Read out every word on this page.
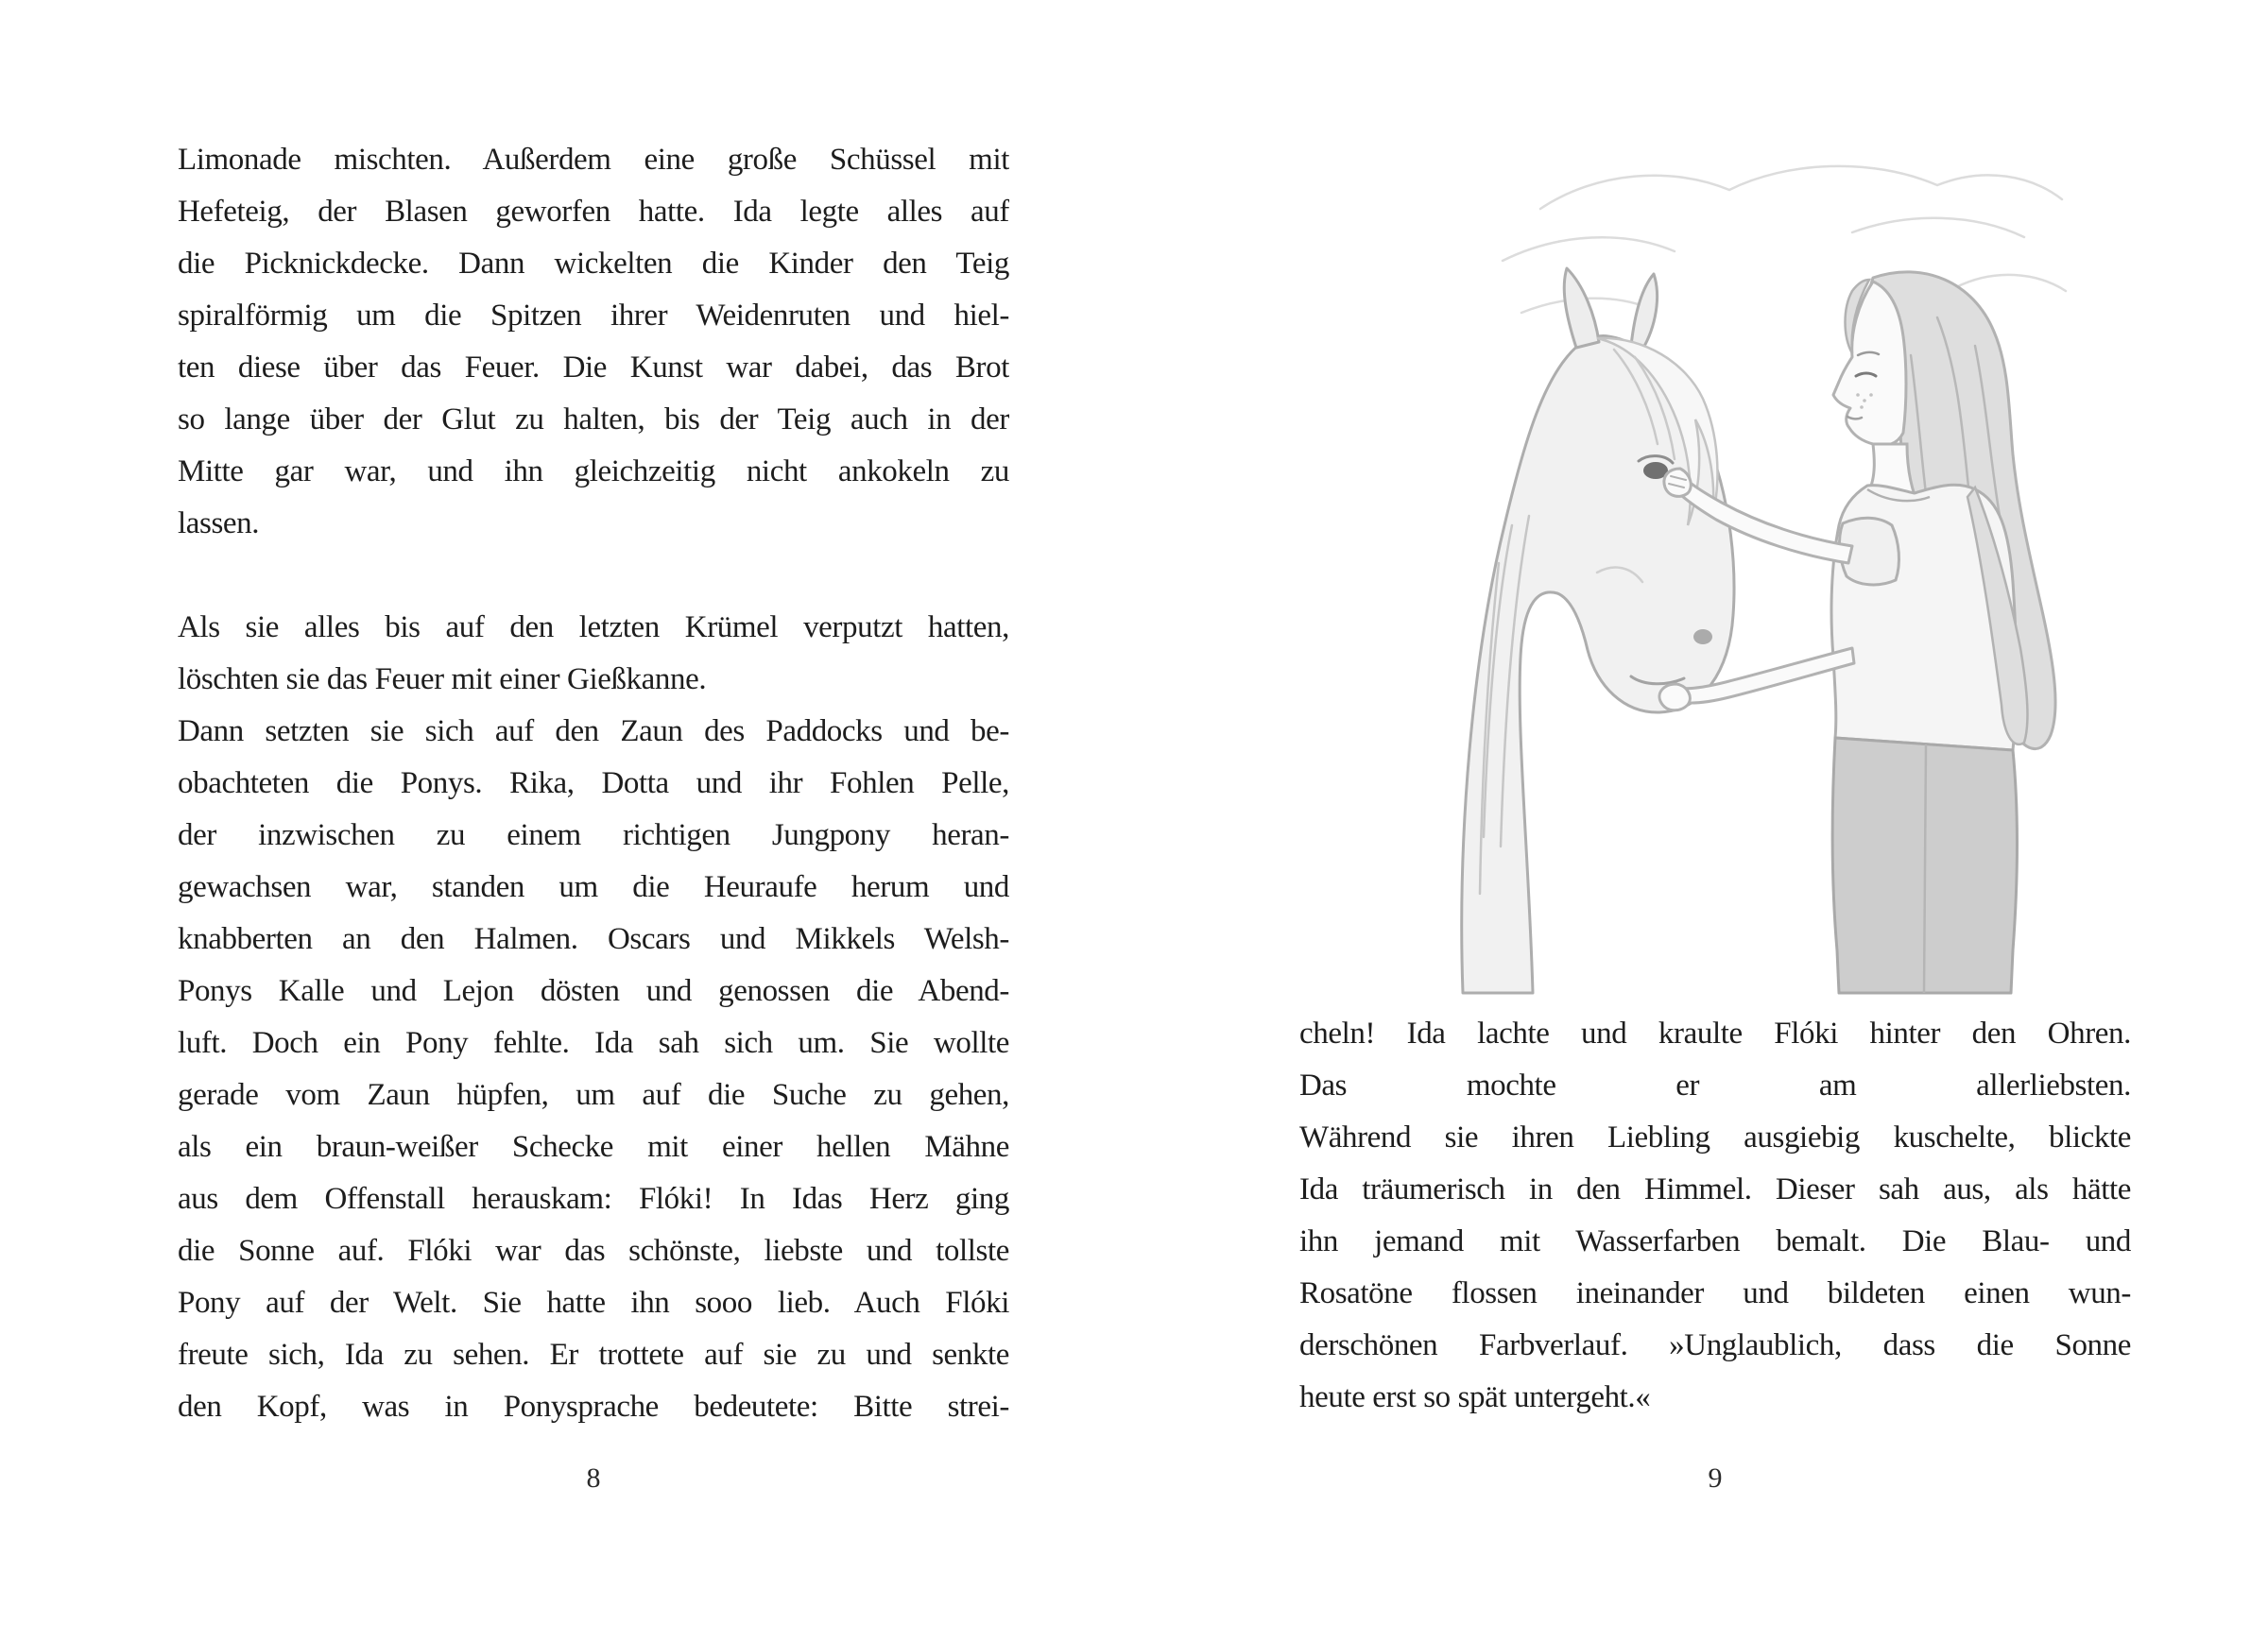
Limonade mischten. Außerdem eine große Schüssel mit
Hefeteig, der Blasen geworfen hatte. Ida legte alles auf
die Picknickdecke. Dann wickelten die Kinder den Teig
spiralförmig um die Spitzen ihrer Weidenruten und hiel-
ten diese über das Feuer. Die Kunst war dabei, das Brot
so lange über der Glut zu halten, bis der Teig auch in der
Mitte gar war, und ihn gleichzeitig nicht ankokeln zu
lassen.
Als sie alles bis auf den letzten Krümel verputzt hatten,
löschten sie das Feuer mit einer Gießkanne.
Dann setzten sie sich auf den Zaun des Paddocks und be-
obachteten die Ponys. Rika, Dotta und ihr Fohlen Pelle,
der inzwischen zu einem richtigen Jungpony heran-
gewachsen war, standen um die Heuraufe herum und
knabberten an den Halmen. Oscars und Mikkels Welsh-
Ponys Kalle und Lejon dösten und genossen die Abend-
luft. Doch ein Pony fehlte. Ida sah sich um. Sie wollte
gerade vom Zaun hüpfen, um auf die Suche zu gehen,
als ein braun-weißer Schecke mit einer hellen Mähne
aus dem Offenstall herauskam: Flóki! In Idas Herz ging
die Sonne auf. Flóki war das schönste, liebste und tollste
Pony auf der Welt. Sie hatte ihn sooo lieb. Auch Flóki
freute sich, Ida zu sehen. Er trottete auf sie zu und senkte
den Kopf, was in Ponysprache bedeutete: Bitte strei-
8
cheln! Ida lachte und kraulte Flóki hinter den Ohren.
Das mochte er am allerliebsten.
Während sie ihren Liebling ausgiebig kuschelte, blickte
Ida träumerisch in den Himmel. Dieser sah aus, als hätte
ihn jemand mit Wasserfarben bemalt. Die Blau- und
Rosatöne flossen ineinander und bildeten einen wun-
derschönen Farbverlauf. »Unglaublich, dass die Sonne
heute erst so spät untergeht.«
9
